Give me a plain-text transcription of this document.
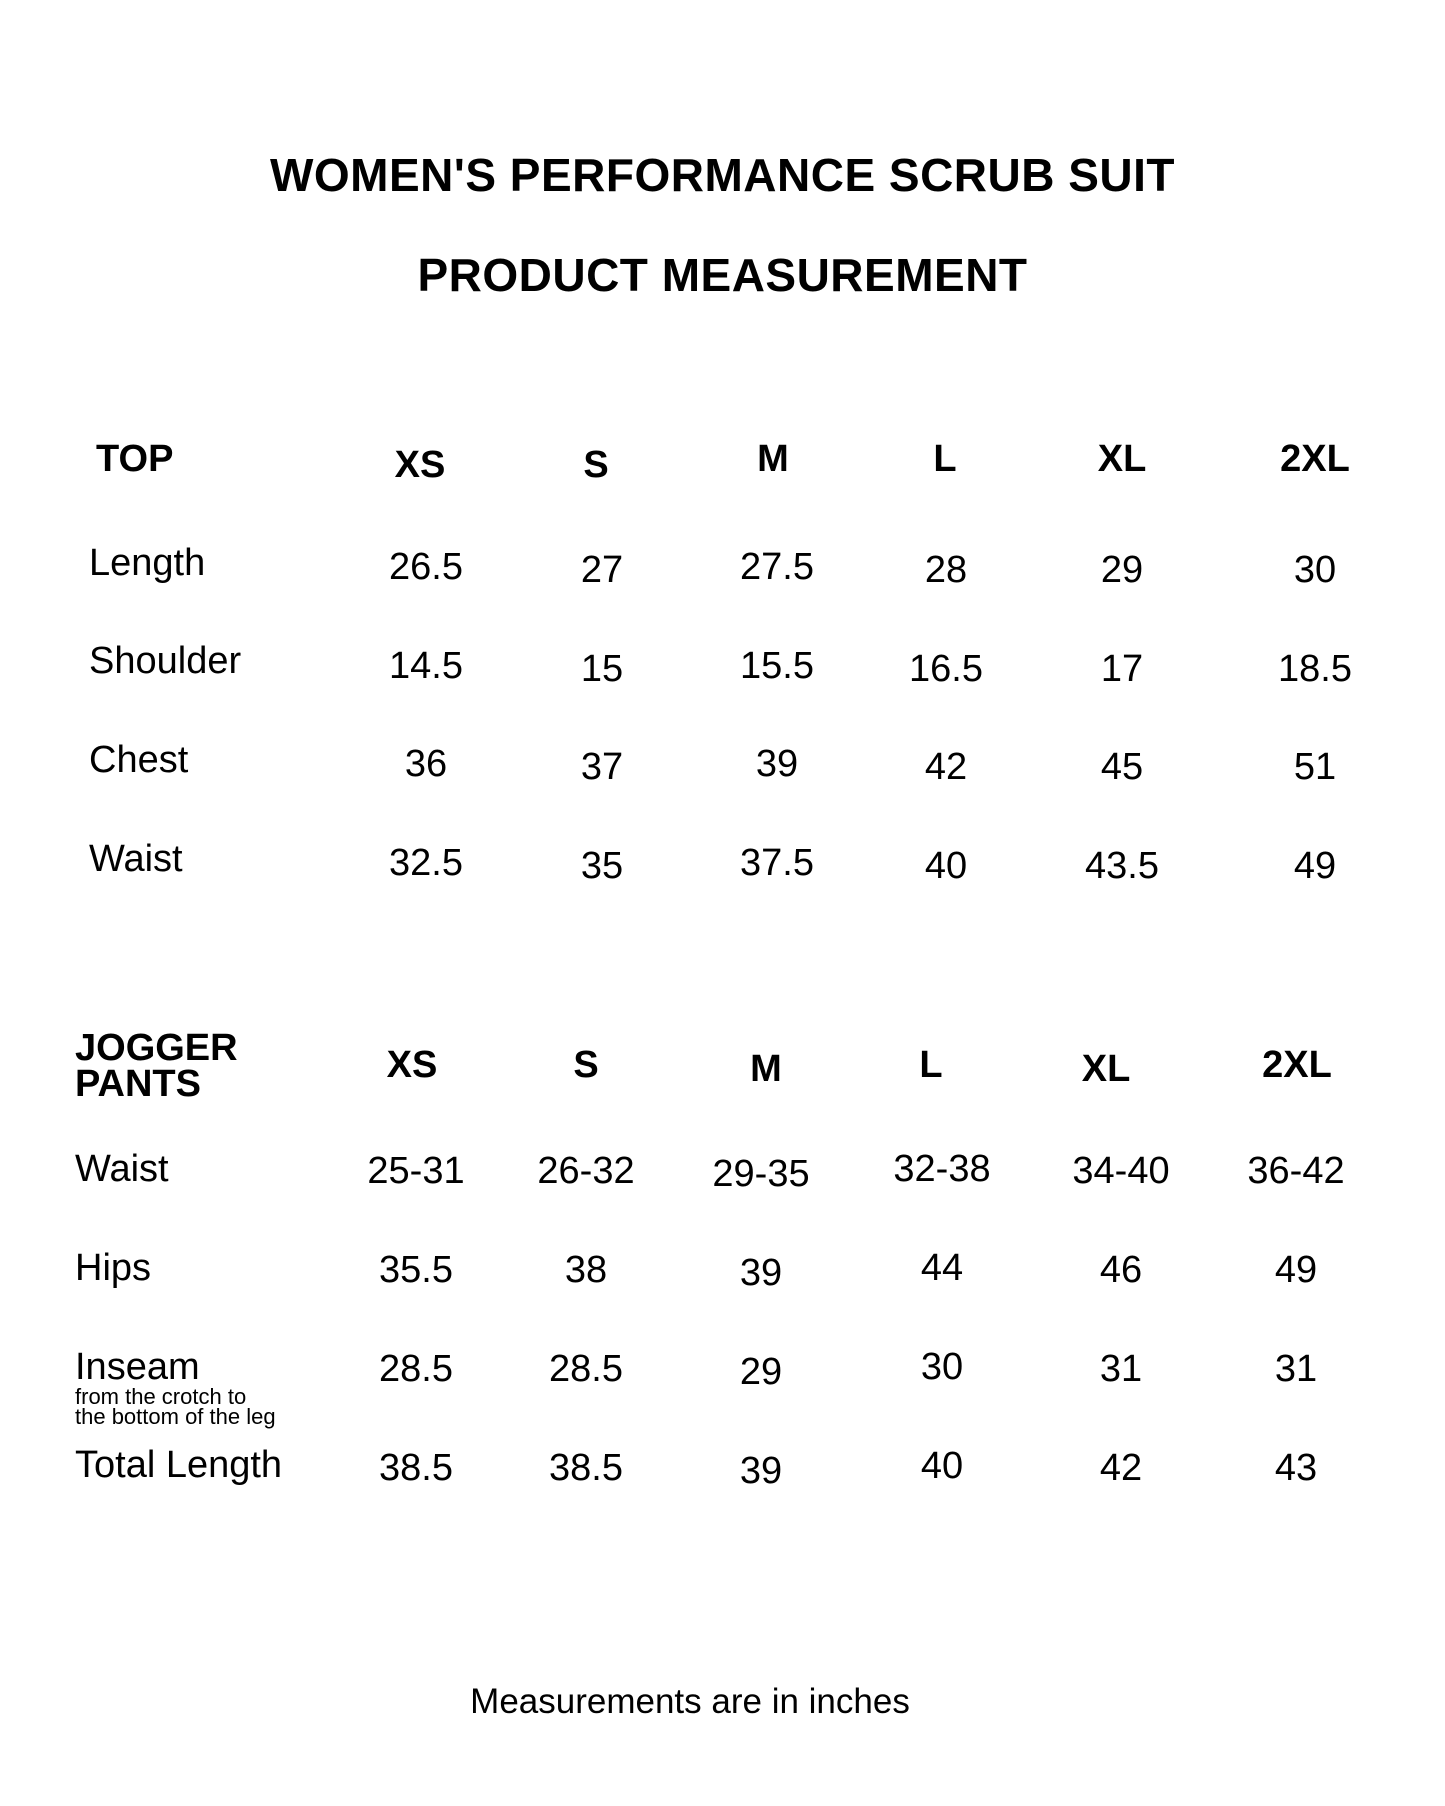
WOMEN'S PERFORMANCE SCRUB SUIT
PRODUCT MEASUREMENT
TOP	XS	S	M	L	XL	2XL
Length	26.5	27	27.5	28	29	30
Shoulder	14.5	15	15.5	16.5	17	18.5
Chest	36	37	39	42	45	51
Waist	32.5	35	37.5	40	43.5	49
JOGGER
PANTS	XS	S	M	L	XL	2XL
Waist	25-31 26-32 29-35 32-38 34-40 36-42
Hips	35.5	38	39	44	46	49
Inseam
from the crotch to
the bottom of the leg
28.5	28.5	29	30	31	31
Total Length	38.5	38.5	39	40	42	43
Measurements are in inches
